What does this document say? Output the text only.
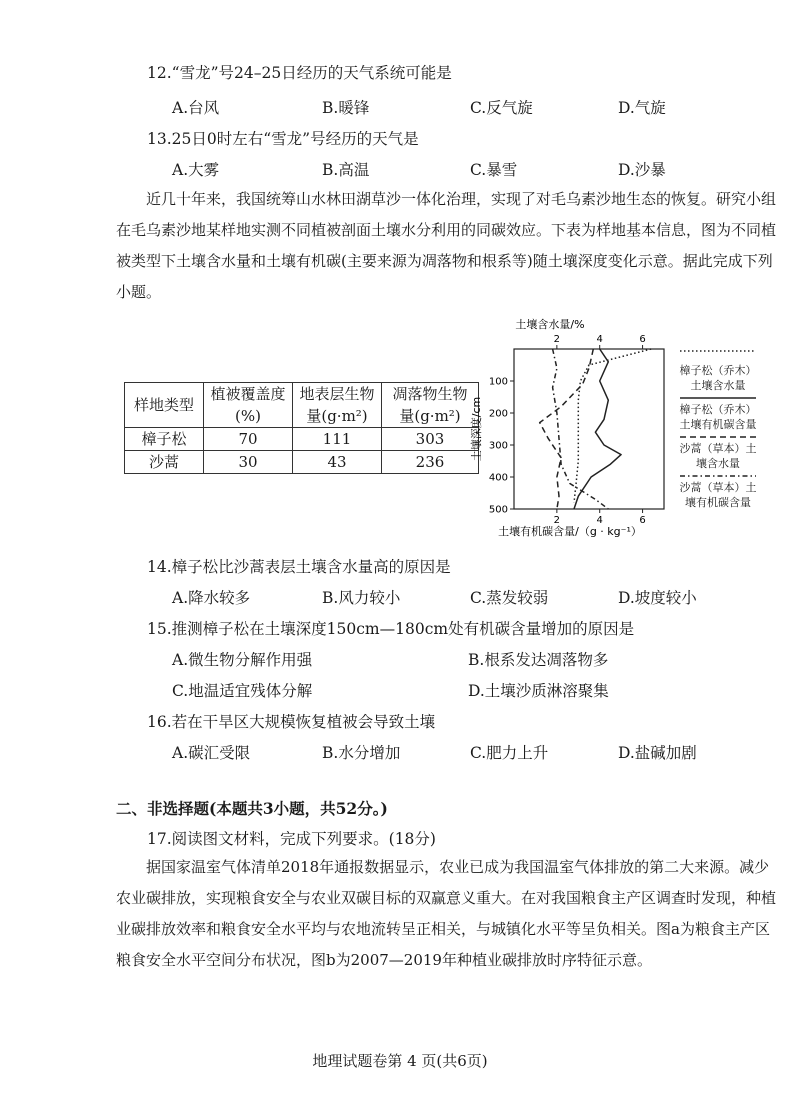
12.“雪龙”号24–25日经历的天气系统可能是
A.台风	B.暖锋	C.反气旋	D.气旋
13.25日0时左右“雪龙”号经历的天气是
A.大雾	B.高温	C.暴雪	D.沙暴
近几十年来，我国统筹山水林田湖草沙一体化治理，实现了对毛乌素沙地生态的恢复。研究小组在毛乌素沙地某样地实测不同植被剖面土壤水分利用的同碳效应。下表为样地基本信息，图为不同植被类型下土壤含水量和土壤有机碳(主要来源为凋落物和根系等)随土壤深度变化示意。据此完成下列小题。
样地类型	植被覆盖度(%)	地表层生物量(g·m²)	凋落物生物量(g·m²)
樟子松	70	111	303
沙蒿	30	43	236
土壤含水量/%
2	4	6
100
200
300
400
500
2	4	6
土壤深度/cm
土壤有机碳含量/（g · kg⁻¹）
樟子松（乔木）土壤含水量
樟子松（乔木）土壤有机碳含量
沙蒿（草本）土壤含水量
沙蒿（草本）土壤有机碳含量
14.樟子松比沙蒿表层土壤含水量高的原因是
A.降水较多	B.风力较小	C.蒸发较弱	D.坡度较小
15.推测樟子松在土壤深度150cm—180cm处有机碳含量增加的原因是
A.微生物分解作用强	B.根系发达凋落物多
C.地温适宜残体分解	D.土壤沙质淋溶聚集
16.若在干旱区大规模恢复植被会导致土壤
A.碳汇受限	B.水分增加	C.肥力上升	D.盐碱加剧
二、非选择题(本题共3小题，共52分。)
17.阅读图文材料，完成下列要求。(18分)
据国家温室气体清单2018年通报数据显示，农业已成为我国温室气体排放的第二大来源。减少农业碳排放，实现粮食安全与农业双碳目标的双赢意义重大。在对我国粮食主产区调查时发现，种植业碳排放效率和粮食安全水平均与农地流转呈正相关，与城镇化水平等呈负相关。图a为粮食主产区粮食安全水平空间分布状况，图b为2007—2019年种植业碳排放时序特征示意。
地理试题卷第 4 页(共6页)
